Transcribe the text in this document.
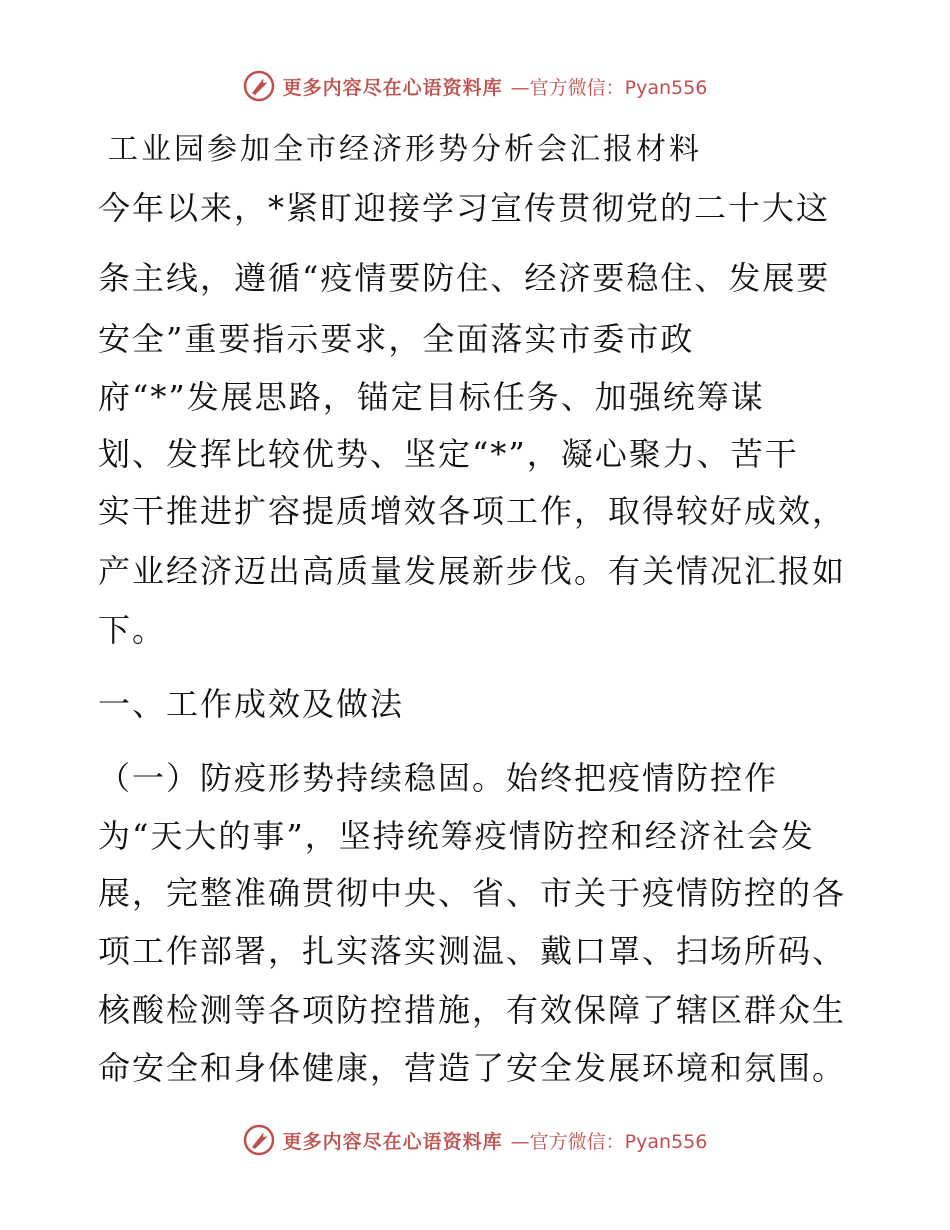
更多内容尽在心语资料库 —官方微信：Pyan556
工业园参加全市经济形势分析会汇报材料
今年以来，*紧盯迎接学习宣传贯彻党的二十大这
条主线，遵循“疫情要防住、经济要稳住、发展要
安全”重要指示要求，全面落实市委市政
府“*”发展思路，锚定目标任务、加强统筹谋
划、发挥比较优势、坚定“*”，凝心聚力、苦干
实干推进扩容提质增效各项工作，取得较好成效，
产业经济迈出高质量发展新步伐。有关情况汇报如
下。
一、工作成效及做法
（一）防疫形势持续稳固。始终把疫情防控作
为“天大的事”，坚持统筹疫情防控和经济社会发
展，完整准确贯彻中央、省、市关于疫情防控的各
项工作部署，扎实落实测温、戴口罩、扫场所码、
核酸检测等各项防控措施，有效保障了辖区群众生
命安全和身体健康，营造了安全发展环境和氛围。
更多内容尽在心语资料库 —官方微信：Pyan556
